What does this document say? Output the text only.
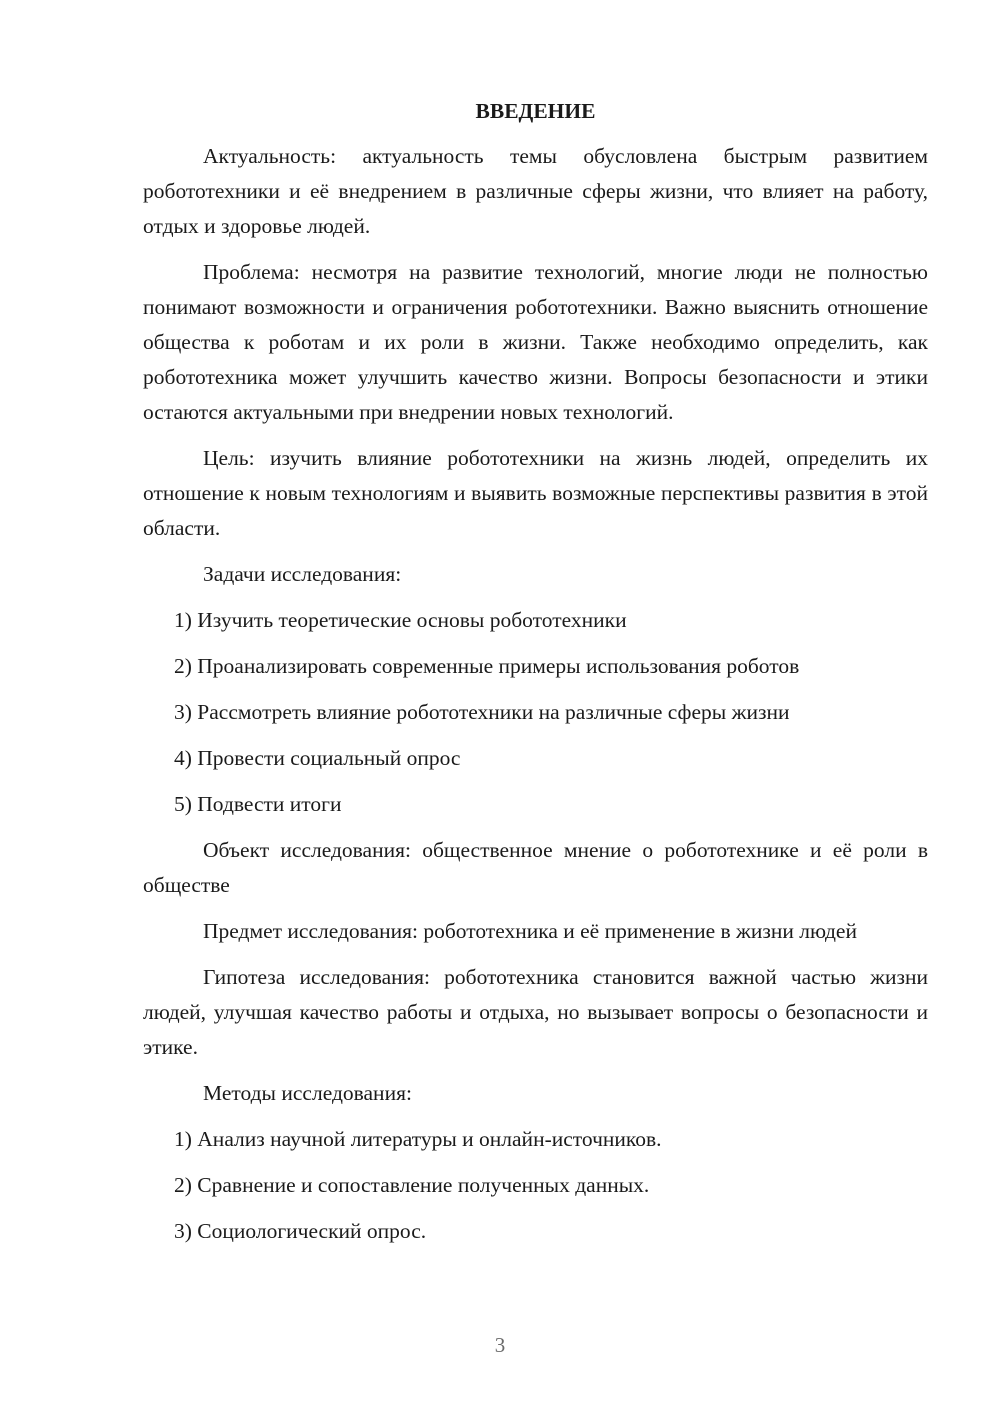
ВВЕДЕНИЕ

Актуальность: актуальность темы обусловлена быстрым развитием робототехники и её внедрением в различные сферы жизни, что влияет на работу, отдых и здоровье людей.

Проблема: несмотря на развитие технологий, многие люди не полностью понимают возможности и ограничения робототехники. Важно выяснить отношение общества к роботам и их роли в жизни. Также необходимо определить, как робототехника может улучшить качество жизни. Вопросы безопасности и этики остаются актуальными при внедрении новых технологий.

Цель: изучить влияние робототехники на жизнь людей, определить их отношение к новым технологиям и выявить возможные перспективы развития в этой области.

Задачи исследования:

1) Изучить теоретические основы робототехники
2) Проанализировать современные примеры использования роботов
3) Рассмотреть влияние робототехники на различные сферы жизни
4) Провести социальный опрос
5) Подвести итоги

Объект исследования: общественное мнение о робототехнике и её роли в обществе

Предмет исследования: робототехника и её применение в жизни людей

Гипотеза исследования: робототехника становится важной частью жизни людей, улучшая качество работы и отдыха, но вызывает вопросы о безопасности и этике.

Методы исследования:

1) Анализ научной литературы и онлайн-источников.
2) Сравнение и сопоставление полученных данных.
3) Социологический опрос.
3
